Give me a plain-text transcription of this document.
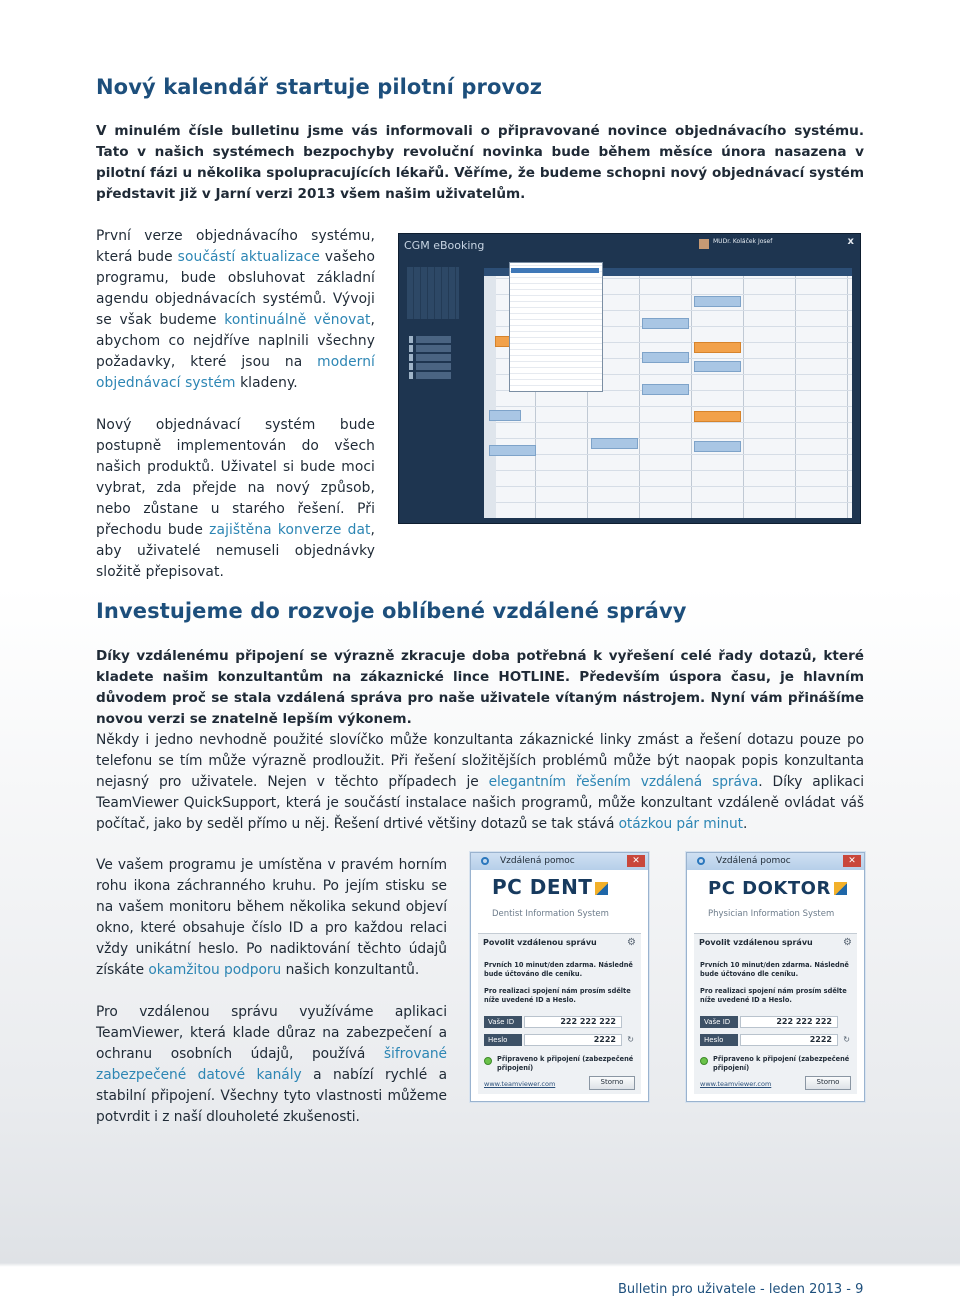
Nový kalendář startuje pilotní provoz

V minulém čísle bulletinu jsme vás informovali o připravované novince objednávacího systému. Tato v našich systémech bezpochyby revoluční novinka bude během měsíce února nasazena v pilotní fázi u několika spolupracujících lékařů. Věříme, že budeme schopni nový objednávací systém představit již v Jarní verzi 2013 všem našim uživatelům.

První verze objednávacího systému, která bude součástí aktualizace vašeho programu, bude obsluhovat základní agendu objednávacích systémů. Vývoji se však budeme kontinuálně věnovat, abychom co nejdříve naplnili všechny požadavky, které jsou na moderní objednávací systém kladeny.

Nový objednávací systém bude postupně implementován do všech našich produktů. Uživatel si bude moci vybrat, zda přejde na nový způsob, nebo zůstane u starého řešení. Při přechodu bude zajištěna konverze dat, aby uživatelé nemuseli objednávky složitě přepisovat.

CGM eBooking	x
MUDr. Koláček Josef
Investujeme do rozvoje oblíbené vzdálené správy

Díky vzdálenému připojení se výrazně zkracuje doba potřebná k vyřešení celé řady dotazů, které kladete našim konzultantům na zákaznické lince HOTLINE. Především úspora času, je hlavním důvodem proč se stala vzdálená správa pro naše uživatele vítaným nástrojem. Nyní vám přinášíme novou verzi se znatelně lepším výkonem.

Někdy i jedno nevhodně použité slovíčko může konzultanta zákaznické linky zmást a řešení dotazu pouze po telefonu se tím může výrazně prodloužit. Při řešení složitějších problémů může být naopak popis konzultanta nejasný pro uživatele. Nejen v těchto případech je elegantním řešením vzdálená správa. Díky aplikaci TeamViewer QuickSupport, která je součástí instalace našich programů, může konzultant vzdáleně ovládat váš počítač, jako by seděl přímo u něj. Řešení drtivé většiny dotazů se tak stává otázkou pár minut.

Ve vašem programu je umístěna v pravém horním rohu ikona záchranného kruhu. Po jejím stisku se na vašem monitoru během několika sekund objeví okno, které obsahuje číslo ID a pro každou relaci vždy unikátní heslo. Po nadiktování těchto údajů získáte okamžitou podporu našich konzultantů.

Pro vzdálenou správu využíváme aplikaci TeamViewer, která klade důraz na zabezpečení a ochranu osobních údajů, používá šifrované zabezpečené datové kanály a nabízí rychlé a stabilní připojení. Všechny tyto vlastnosti můžeme potvrdit i z naší dlouholeté zkušenosti.

Vzdálená pomoc	✕
PC DENT
Dentist Information System
Povolit vzdálenou správu	⚙
Prvních 10 minut/den zdarma. Následně bude účtováno dle ceníku.
Pro realizaci spojení nám prosím sdělte níže uvedené ID a Heslo.
Vaše ID	222 222 222
Heslo	2222	↻
Připraveno k připojení (zabezpečené připojení)
www.teamviewer.com	Storno
Vzdálená pomoc	✕
PC DOKTOR
Physician Information System
Povolit vzdálenou správu	⚙
Prvních 10 minut/den zdarma. Následně bude účtováno dle ceníku.
Pro realizaci spojení nám prosím sdělte níže uvedené ID a Heslo.
Vaše ID	222 222 222
Heslo	2222	↻
Připraveno k připojení (zabezpečené připojení)
www.teamviewer.com	Storno
Bulletin pro uživatele - leden 2013 - 9
